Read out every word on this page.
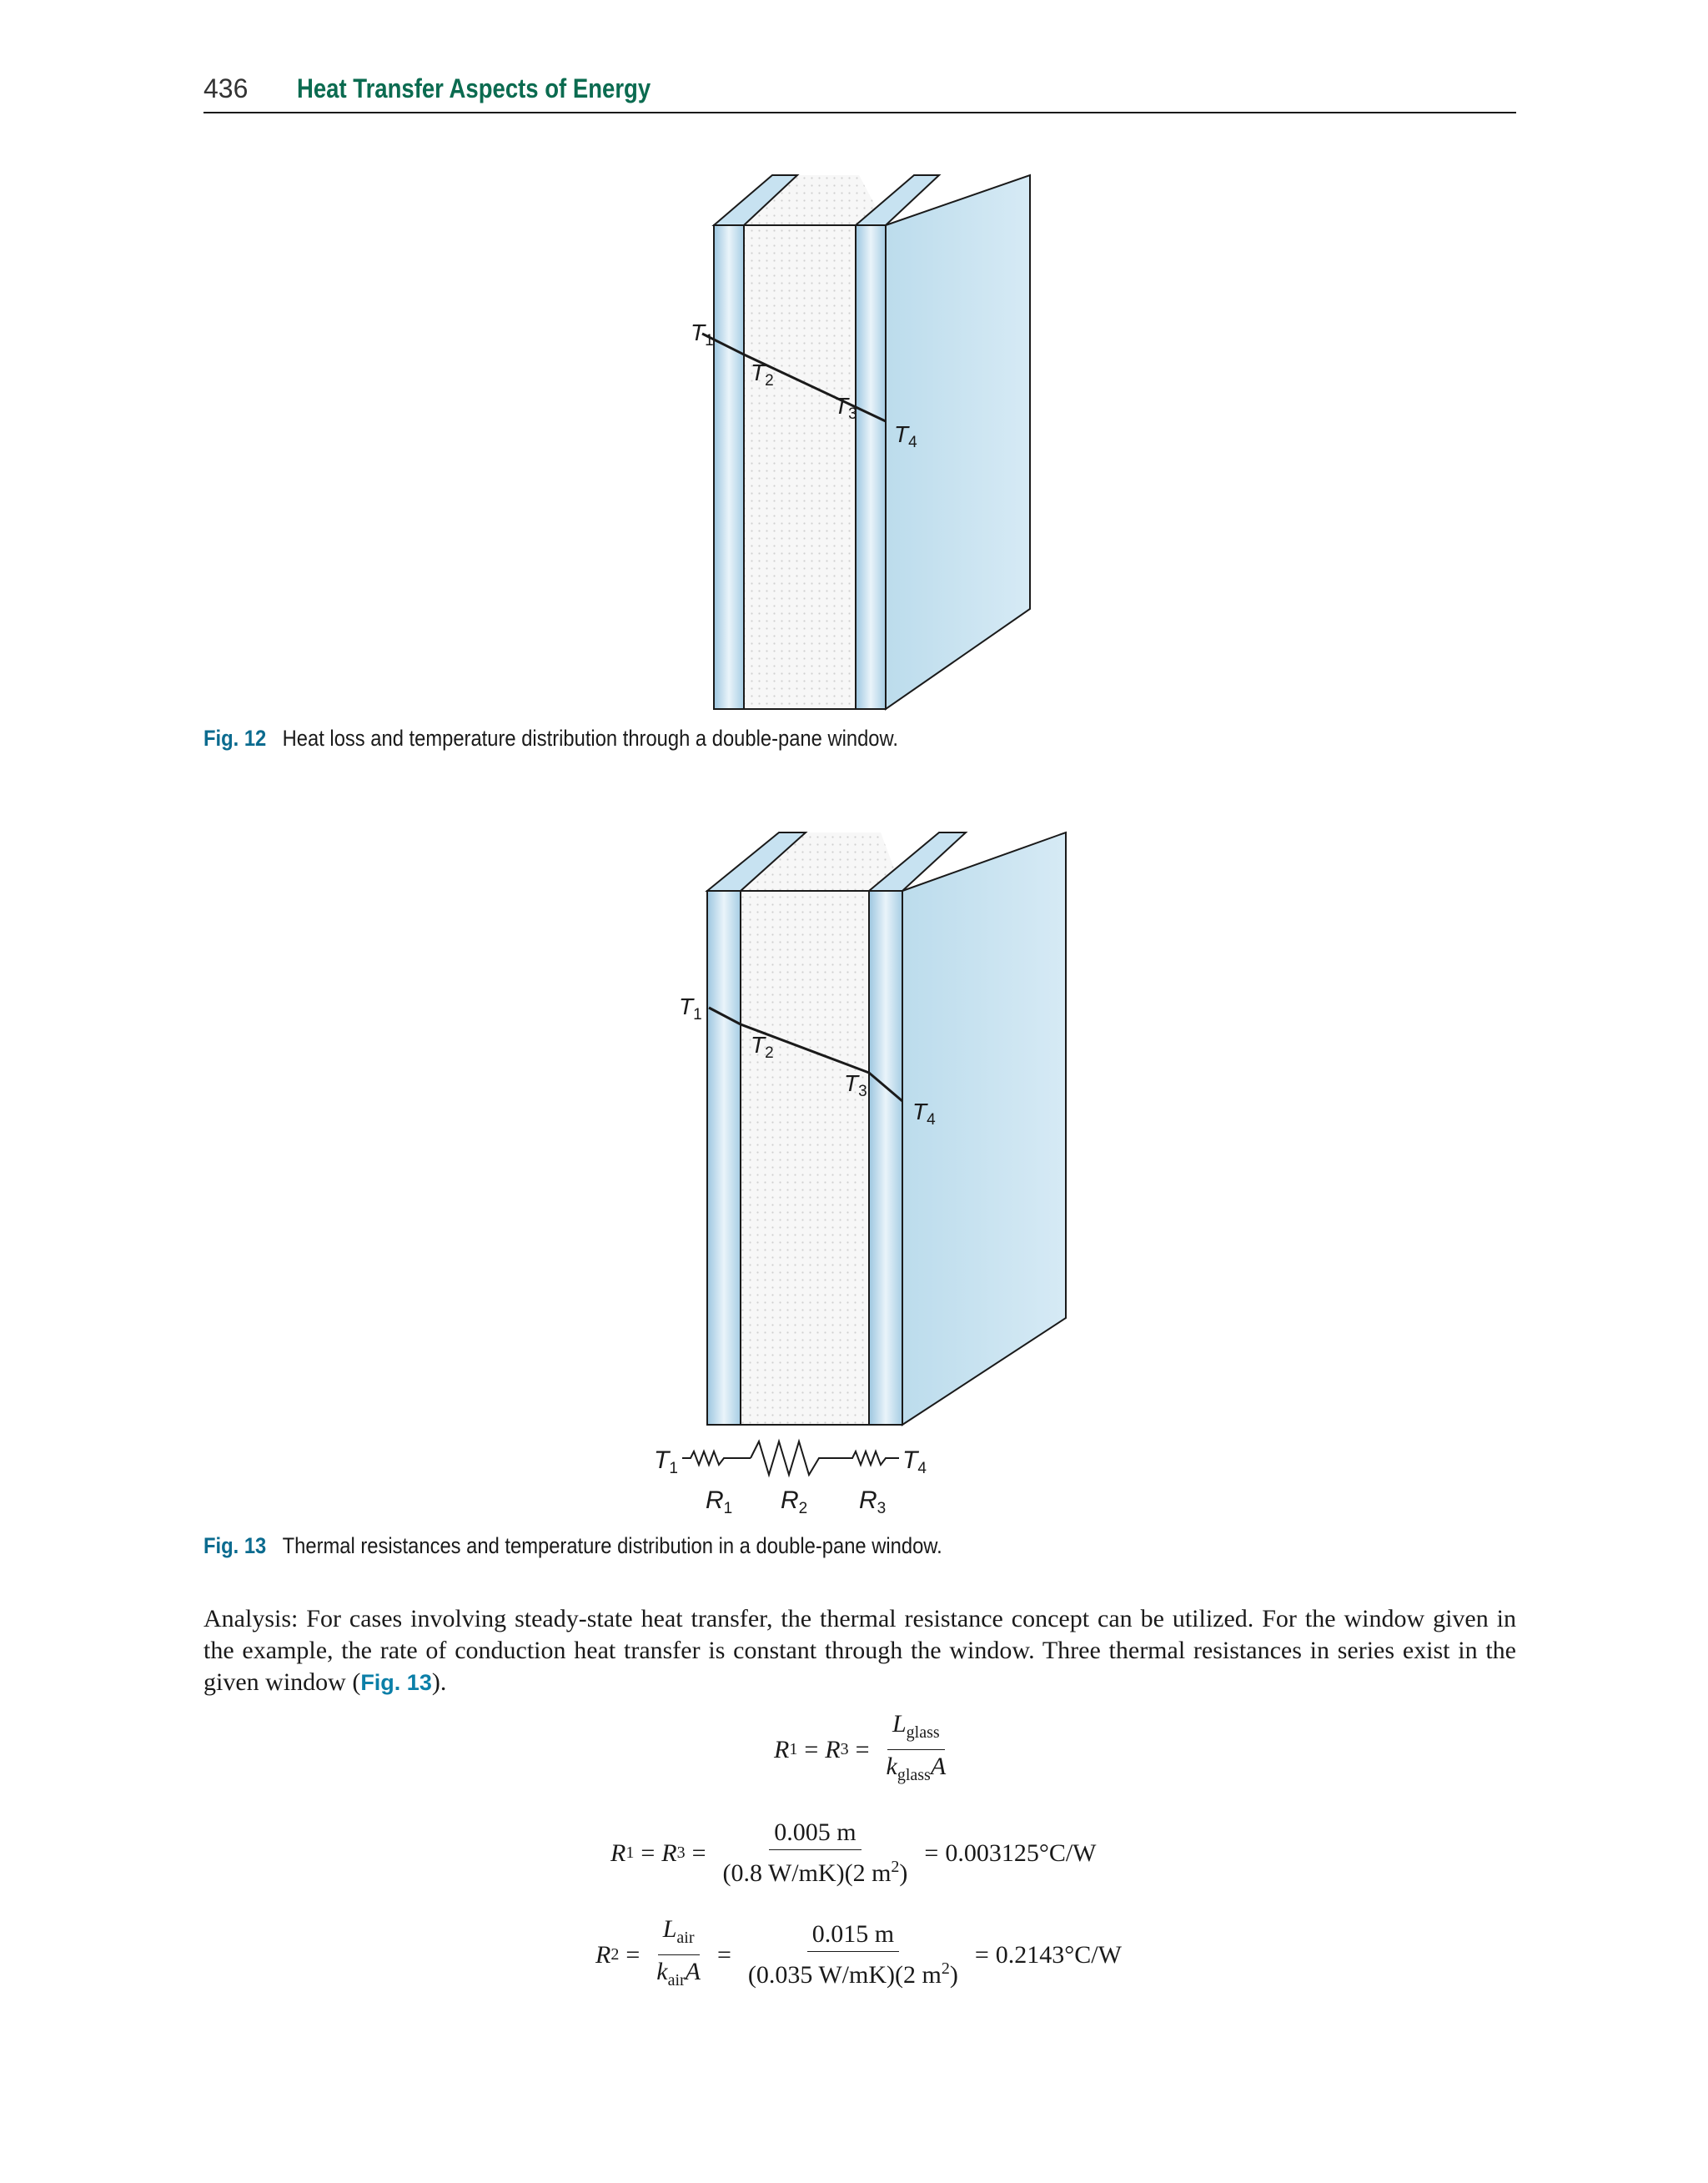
436 Heat Transfer Aspects of Energy
$T_1$
$T_2$
$T_3$
$T_4$
Fig. 12 Heat loss and temperature distribution through a double-pane window.
$T_1$
$T_2$
$T_3$
$T_4$
$T_1$	$T_4$
$R_1$ $R_2$ $R_3$
Fig. 13 Thermal resistances and temperature distribution in a double-pane window.
Analysis: For cases involving steady-state heat transfer, the thermal resistance concept can be utilized. For the window given in the example, the rate of conduction heat transfer is constant through the window. Three thermal resistances in series exist in the given window (Fig. 13).
R 1 = R $3 = \frac{L_{glass}}{k_{glass}A}$
R 1 = R $3 = \frac{0.005 m}{(0.8 W/mK)(2 m^2)} = 0.003125^\circ C/W$
R $2 = \frac{L_{air}}{k_{air}A} = \frac{0.015 m}{(0.035 W/mK)(2 m^2)} = 0.2143^\circ C/W$
